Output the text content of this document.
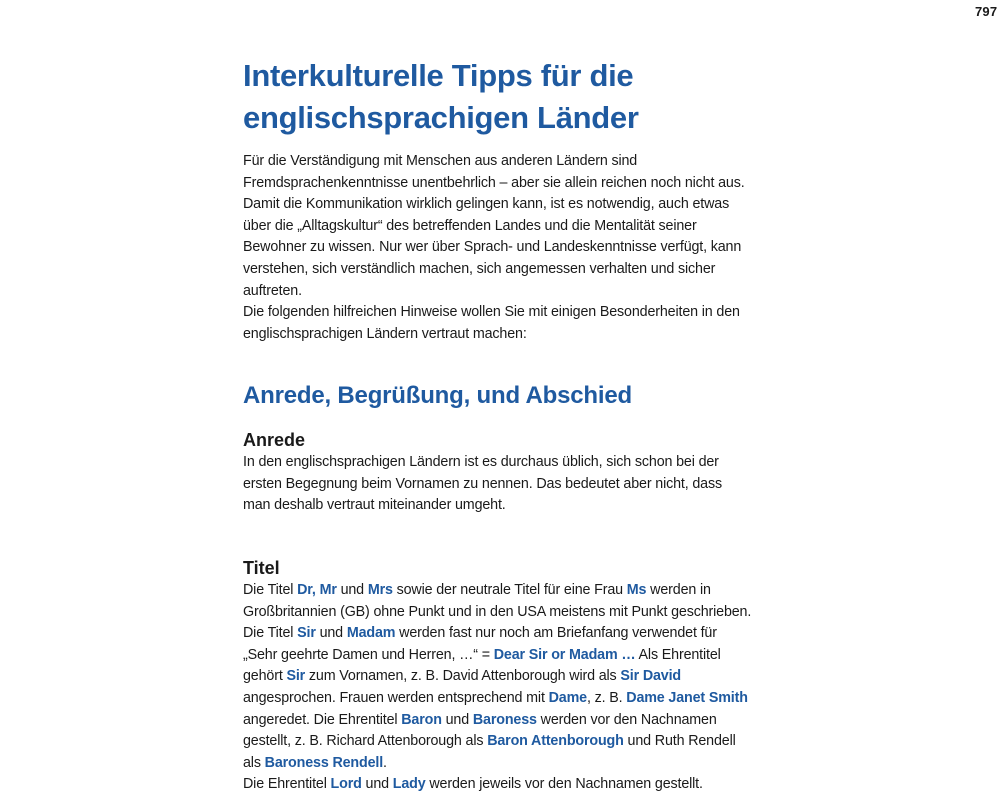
797
Interkulturelle Tipps für die
englischsprachigen Länder

Für die Verständigung mit Menschen aus anderen Ländern sind Fremdsprachenkenntnisse unentbehrlich – aber sie allein reichen noch nicht aus. Damit die Kommunikation wirklich gelingen kann, ist es notwendig, auch etwas über die „Alltagskultur“ des betreffenden Landes und die Mentalität seiner Bewohner zu wissen. Nur wer über Sprach- und Landeskenntnisse verfügt, kann verstehen, sich verständlich machen, sich angemessen verhalten und sicher auftreten.

Die folgenden hilfreichen Hinweise wollen Sie mit einigen Besonderheiten in den englischsprachigen Ländern vertraut machen:

Anrede, Begrüßung, und Abschied
Anrede

In den englischsprachigen Ländern ist es durchaus üblich, sich schon bei der ersten Begegnung beim Vornamen zu nennen. Das bedeutet aber nicht, dass man deshalb vertraut miteinander umgeht.

Titel

Die Titel Dr, Mr und Mrs sowie der neutrale Titel für eine Frau Ms werden in Großbritannien (GB) ohne Punkt und in den USA meistens mit Punkt geschrieben. Die Titel Sir und Madam werden fast nur noch am Briefanfang verwendet für „Sehr geehrte Damen und Herren, …“ = Dear Sir or Madam … Als Ehrentitel gehört Sir zum Vornamen, z. B. David Attenborough wird als Sir David angesprochen. Frauen werden entsprechend mit Dame, z. B. Dame Janet Smith angeredet. Die Ehrentitel Baron und Baroness werden vor den Nachnamen gestellt, z. B. Richard Attenborough als Baron Attenborough und Ruth Rendell als Baroness Rendell.
Die Ehrentitel Lord und Lady werden jeweils vor den Nachnamen gestellt.
